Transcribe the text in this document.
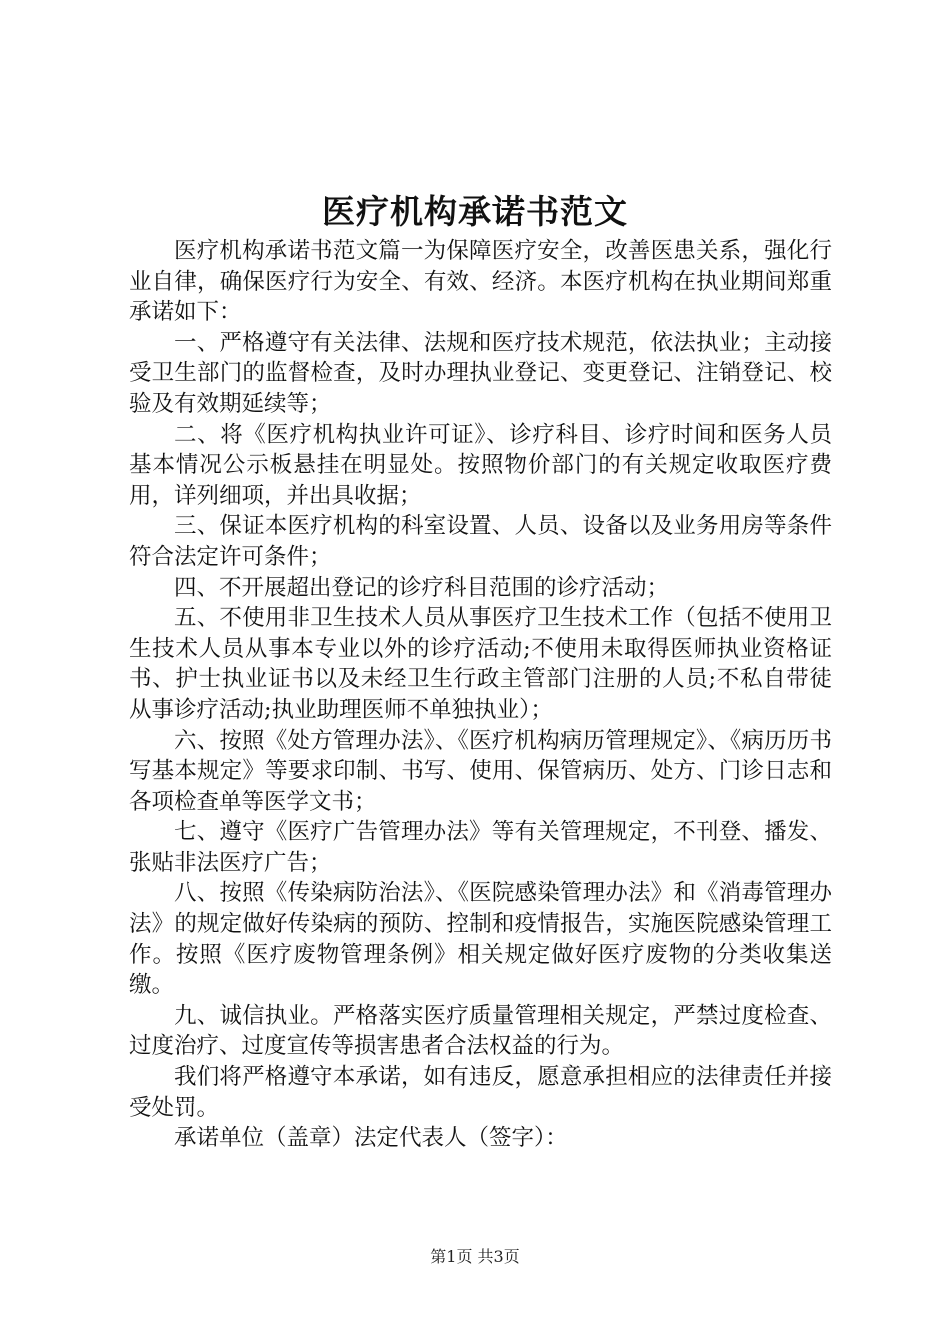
医疗机构承诺书范文

医疗机构承诺书范文篇一为保障医疗安全，改善医患关系，强化行业自律，确保医疗行为安全、有效、经济。本医疗机构在执业期间郑重承诺如下：

一、严格遵守有关法律、法规和医疗技术规范，依法执业；主动接受卫生部门的监督检查，及时办理执业登记、变更登记、注销登记、校验及有效期延续等；

二、将《医疗机构执业许可证》、诊疗科目、诊疗时间和医务人员基本情况公示板悬挂在明显处。按照物价部门的有关规定收取医疗费用，详列细项，并出具收据；

三、保证本医疗机构的科室设置、人员、设备以及业务用房等条件符合法定许可条件；

四、不开展超出登记的诊疗科目范围的诊疗活动；

五、不使用非卫生技术人员从事医疗卫生技术工作（包括不使用卫生技术人员从事本专业以外的诊疗活动;不使用未取得医师执业资格证书、护士执业证书以及未经卫生行政主管部门注册的人员;不私自带徒从事诊疗活动;执业助理医师不单独执业）；

六、按照《处方管理办法》、《医疗机构病历管理规定》、《病历历书写基本规定》等要求印制、书写、使用、保管病历、处方、门诊日志和各项检查单等医学文书；

七、遵守《医疗广告管理办法》等有关管理规定，不刊登、播发、张贴非法医疗广告；

八、按照《传染病防治法》、《医院感染管理办法》和《消毒管理办法》的规定做好传染病的预防、控制和疫情报告，实施医院感染管理工作。按照《医疗废物管理条例》相关规定做好医疗废物的分类收集送缴。

九、诚信执业。严格落实医疗质量管理相关规定，严禁过度检查、过度治疗、过度宣传等损害患者合法权益的行为。

我们将严格遵守本承诺，如有违反，愿意承担相应的法律责任并接受处罚。

承诺单位（盖章）法定代表人（签字）：

第1页 共3页
